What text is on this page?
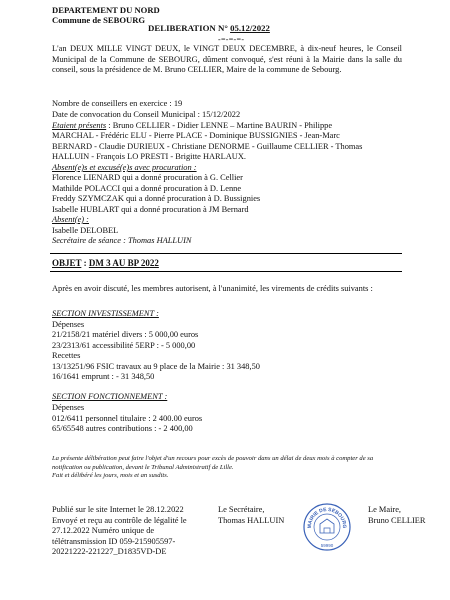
DEPARTEMENT DU NORD
Commune de SEBOURG
DELIBERATION N° 05.12/2022
-=-=-=-
L'an DEUX MILLE VINGT DEUX, le VINGT DEUX DECEMBRE, à dix-neuf heures, le Conseil Municipal de la Commune de SEBOURG, dûment convoqué, s'est réuni à la Mairie dans la salle du conseil, sous la présidence de M. Bruno CELLIER, Maire de la commune de Sebourg.
Nombre de conseillers en exercice : 19
Date de convocation du Conseil Municipal : 15/12/2022
Etaient présents : Bruno CELLIER - Didier LENNE – Martine BAURIN - Philippe
MARCHAL - Frédéric ELU - Pierre PLACE - Dominique BUSSIGNIES - Jean-Marc
BERNARD - Claudie DURIEUX - Christiane DENORME - Guillaume CELLIER - Thomas
HALLUIN - François LO PRESTI - Brigitte HARLAUX.
Absent(e)s et excusé(e)s avec procuration :
Florence LIENARD qui a donné procuration à G. Cellier
Mathilde POLACCI qui a donné procuration à D. Lenne
Freddy SZYMCZAK qui a donné procuration à D. Bussignies
Isabelle HUBLART qui a donné procuration à JM Bernard
Absent(e) :
Isabelle DELOBEL
Secrétaire de séance : Thomas HALLUIN
OBJET : DM 3 AU BP 2022
Après en avoir discuté, les membres autorisent, à l'unanimité, les virements de crédits suivants :
SECTION INVESTISSEMENT :
Dépenses
21/2158/21 matériel divers : 5 000,00 euros
23/2313/61 accessibilité 5ERP : - 5 000,00
Recettes
13/13251/96 FSIC travaux au 9 place de la Mairie : 31 348,50
16/1641 emprunt : - 31 348,50
SECTION FONCTIONNEMENT :
Dépenses
012/6411 personnel titulaire : 2 400.00 euros
65/65548 autres contributions : - 2 400,00
La présente délibération peut faire l'objet d'un recours pour excès de pouvoir dans un délai de deux mois à compter de sa notification ou publication, devant le Tribunal Administratif de Lille.
Fait et délibéré les jours, mois et an susdits.
Publié sur le site Internet le 28.12.2022
Envoyé et reçu au contrôle de légalité le
27.12.2022 Numéro unique de
télétransmission ID 059-215905597-
20221222-221227_D1835VD-DE
Le Secrétaire,
Thomas HALLUIN
MAIRIE DE SEBOURG
59990
Le Maire,
Bruno CELLIER
